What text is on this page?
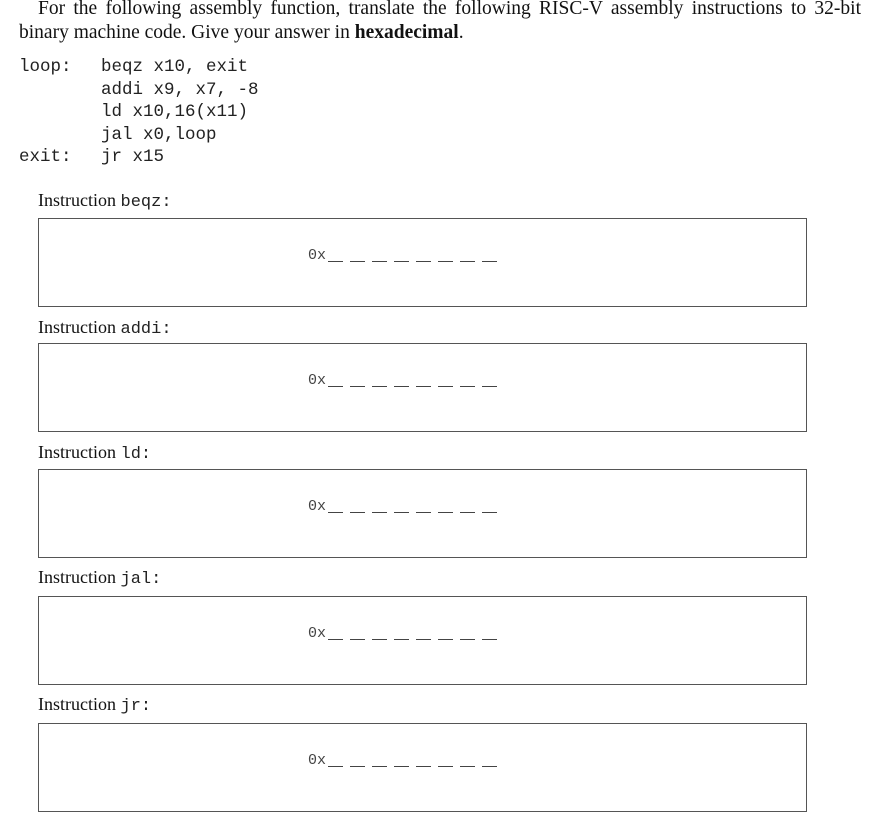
For the following assembly function, translate the following RISC-V assembly instructions to 32-bit binary machine code. Give your answer in hexadecimal.
loop:	beqz x10, exit
addi x9, x7, -8
ld x10,16(x11)
jal x0,loop
exit:	jr x15
Instruction beqz:
0x
Instruction addi:
0x
Instruction ld:
0x
Instruction jal:
0x
Instruction jr:
0x
